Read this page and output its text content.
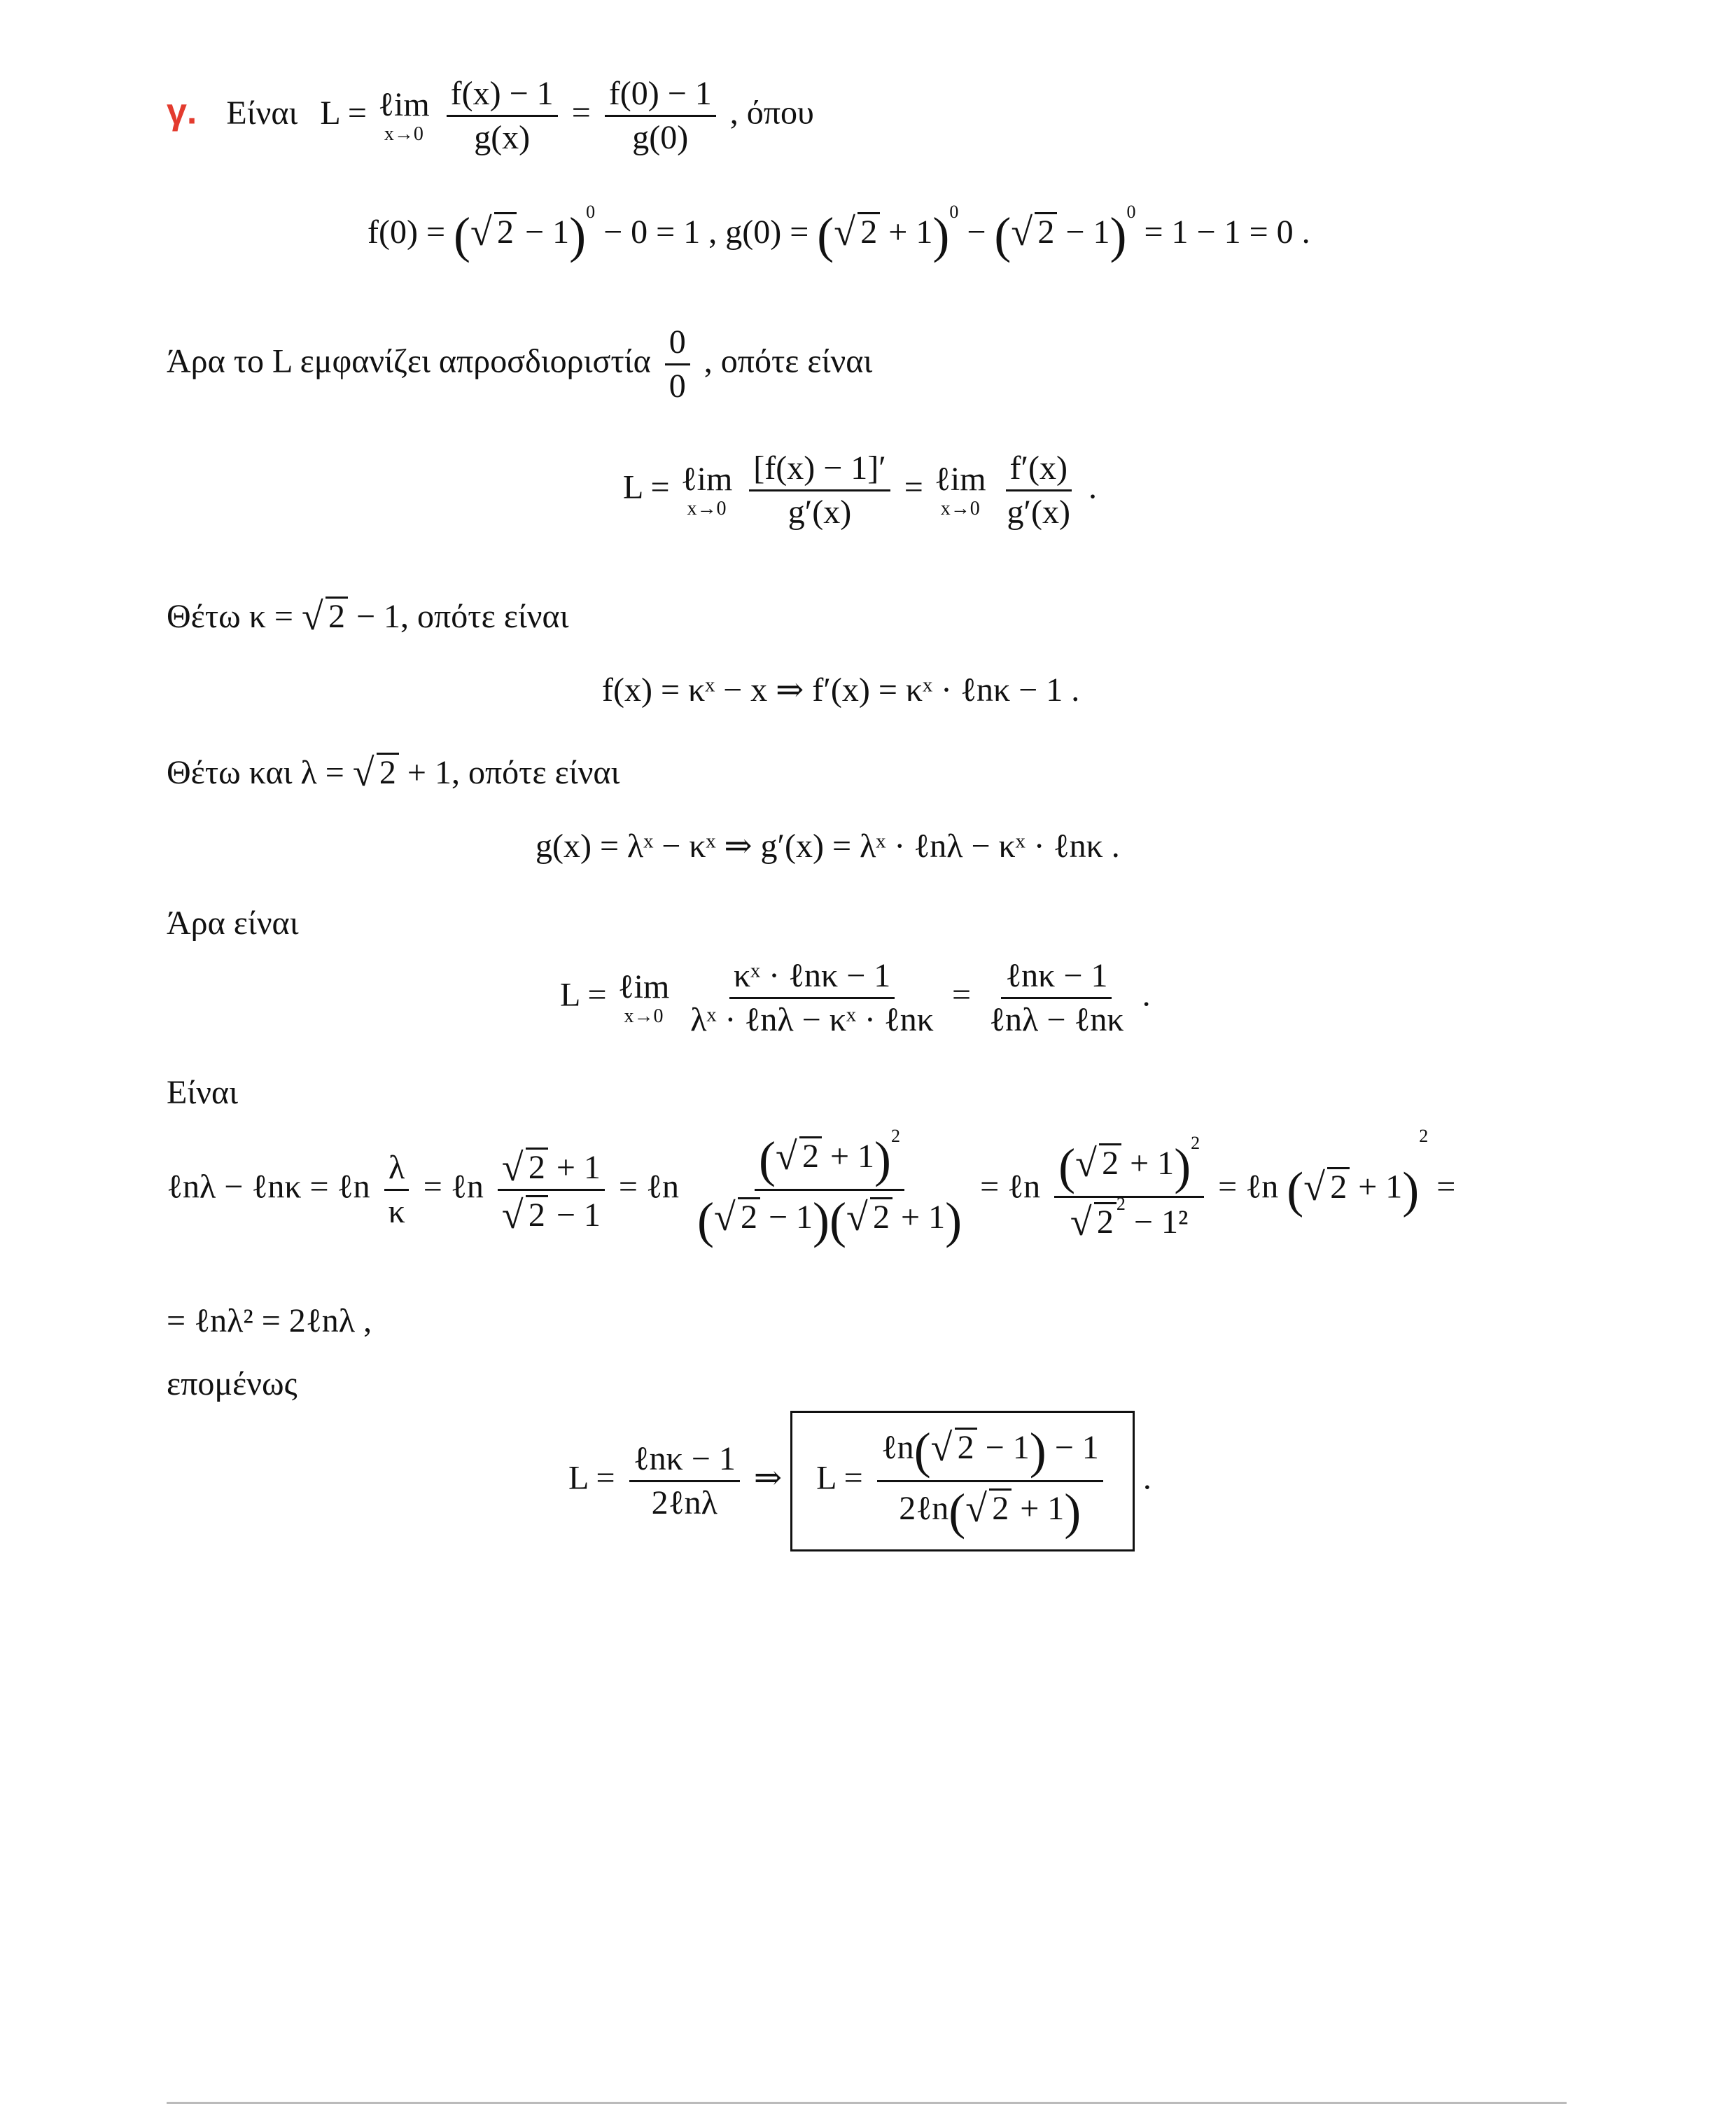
γ. Είναι L = ℓim
x→0
$\frac{f(x) - 1}{g(x)} = \frac{f(0) - 1}{g(0)}$ , όπου
f(0) = ( √ 2 − 1)$^0$ − 0 = 1 , g(0) = ( √ 2 + 1)$^0$ − ( √ 2 − 1)$^0$ = 1 − 1 = 0 .
Άρα το L εμφανίζει απροσδιοριστία $\frac{0}{0}$ , οπότε είναι
L = ℓim
x→0
$\frac{[f(x) - 1]'}{g'(x)}$ = ℓim
x→0
$\frac{f'(x)}{g'(x)}$ .
Θέτω κ = √ 2 − 1, οπότε είναι
f(x) = κˣ − x ⇒ f′(x) = κˣ · ℓnκ − 1 .
Θέτω και λ = √ 2 + 1, οπότε είναι
g(x) = λˣ − κˣ ⇒ g′(x) = λˣ · ℓnλ − κˣ · ℓnκ .
Άρα είναι
L = ℓim
x→0
$\frac{\text{κˣ · ℓnκ − 1}}{\text{λˣ · ℓnλ − κˣ · ℓnκ}} = \frac{\text{ℓnκ − 1}}{\text{ℓnλ − ℓnκ}}$ .
Είναι
ℓnλ − ℓnκ = ℓn $\frac{\lambda}{\kappa}$ = ℓn $\frac{√ 2 + 1}{√ 2 - 1}$ = ℓn $\frac{( √ 2 + 1)^2}{( √ 2 - 1)( √ 2 + 1)}$ = ℓn $\frac{( √ 2 + 1)^2}{√ 2 ^2 - 1^2}$ = ℓn ( √ 2 + 1)$^2$ =
= ℓnλ² = 2ℓnλ ,
επομένως
$L = \frac{\text{ℓnκ − 1}}{\text{2ℓnλ}}$ ⇒ $L = \frac{\text{ℓn( √ 2 − 1) − 1}}{\text{2ℓn( √ 2 + 1)}}$ .
